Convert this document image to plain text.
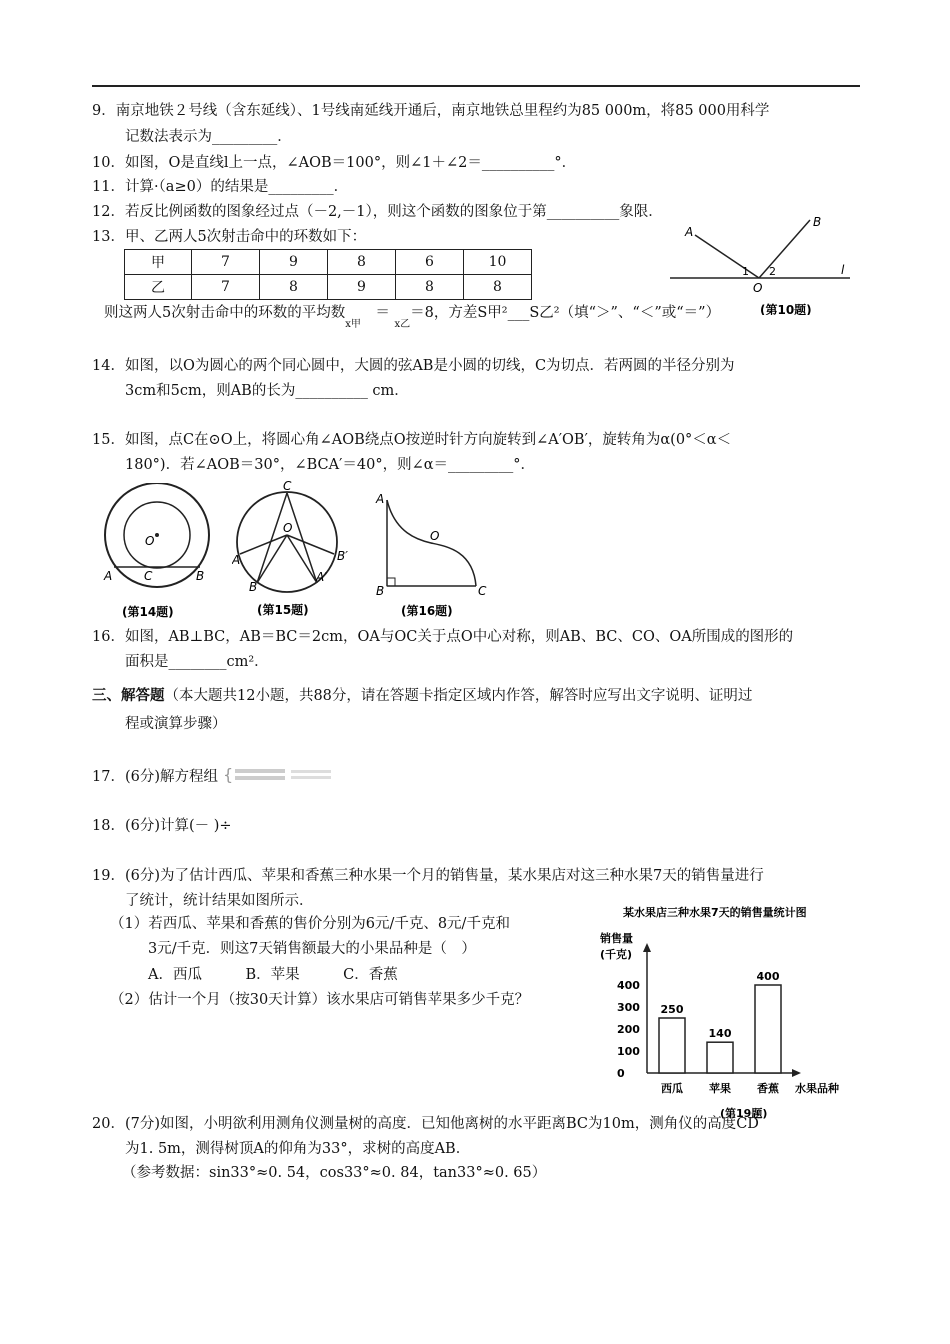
9．南京地铁２号线（含东延线）、1号线南延线开通后，南京地铁总里程约为85 000m，将85 000用科学
记数法表示为_________．
10．如图，O是直线l上一点，∠AOB＝100°，则∠1＋∠2＝__________°．
11．计算·（a≥0）的结果是_________．
12．若反比例函数的图象经过点（－2,－1），则这个函数的图象位于第__________象限．
13．甲、乙两人5次射击命中的环数如下：
甲	7	9	8	6	10
乙	7	8	9	8	8
A
B
1 2
O
l
(第10题)
则这两人5次射击命中的环数的平均数$_{x甲}$　＝ $_{x乙}$＝8，方差S甲²___S乙²（填“＞”、“＜”或“＝”）
14．如图，以O为圆心的两个同心圆中，大圆的弦AB是小圆的切线，C为切点．若两圆的半径分别为
3cm和5cm，则AB的长为__________ cm．
15．如图，点C在⊙O上，将圆心角∠AOB绕点O按逆时针方向旋转到∠A′OB′，旋转角为α(0°＜α＜
180°)．若∠AOB＝30°，∠BCA′＝40°，则∠α＝_________°．
O
A	C	B
(第14题)
C
O
A
B
B′
A′
(第15题)
A
O
B	C
(第16题)
16．如图，AB⊥BC，AB＝BC＝2cm，OA与OC关于点O中心对称，则AB、BC、CO、OA所围成的图形的
面积是________cm²．
三、解答题（本大题共12小题，共88分，请在答题卡指定区域内作答，解答时应写出文字说明、证明过
程或演算步骤）
17．(6分)解方程组 {
18．(6分)计算(－ )÷
19．(6分)为了估计西瓜、苹果和香蕉三种水果一个月的销售量，某水果店对这三种水果7天的销售量进行
了统计，统计结果如图所示．
（1）若西瓜、苹果和香蕉的售价分别为6元/千克、8元/千克和
3元/千克．则这7天销售额最大的小果品种是（　）
A．西瓜　　　B．苹果　　　C．香蕉
（2）估计一个月（按30天计算）该水果店可销售苹果多少千克？
某水果店三种水果7天的销售量统计图
销售量
(千克)
0
100
200
300
400
250
西瓜
140
苹果
400
香蕉 水果品种
(第19题)
20．(7分)如图，小明欲利用测角仪测量树的高度．已知他离树的水平距离BC为10m，测角仪的高度CD
为1. 5m，测得树顶A的仰角为33°，求树的高度AB．
（参考数据：sin33°≈0. 54，cos33°≈0. 84，tan33°≈0. 65）
